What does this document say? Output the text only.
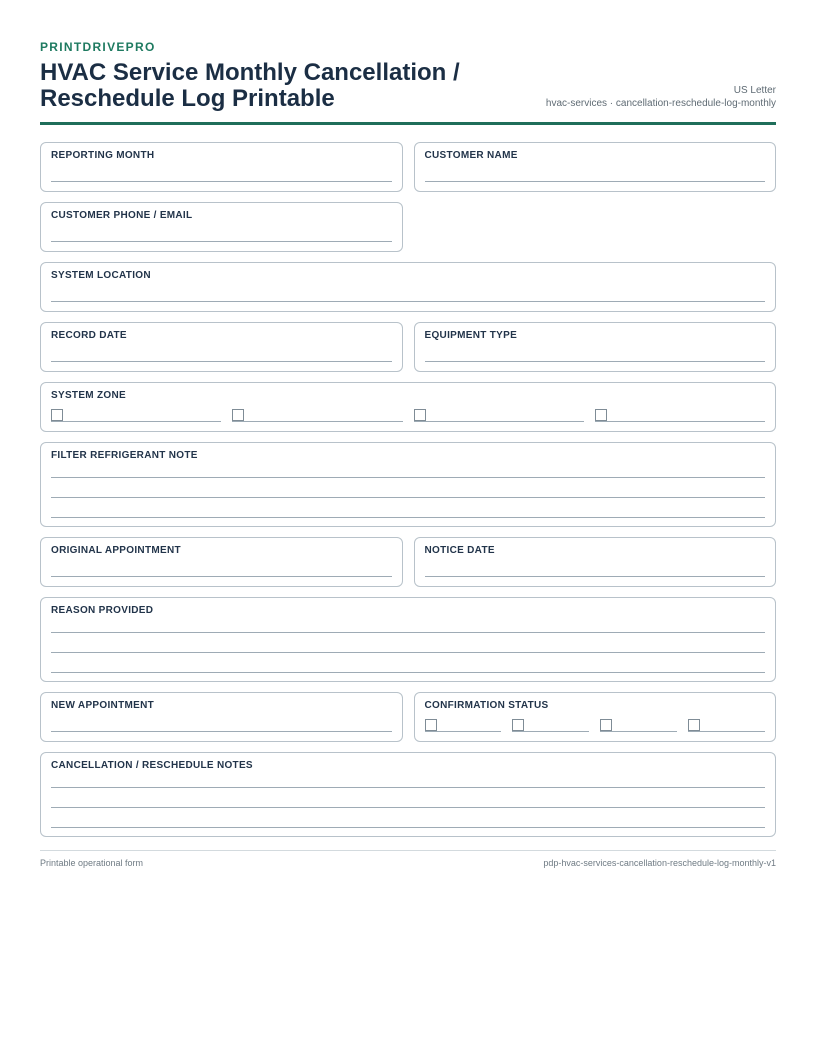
PRINTDRIVEPRO
HVAC Service Monthly Cancellation / Reschedule Log Printable	US Letter
hvac-services · cancellation-reschedule-log-monthly
REPORTING MONTH	CUSTOMER NAME
CUSTOMER PHONE / EMAIL
SYSTEM LOCATION
RECORD DATE	EQUIPMENT TYPE
SYSTEM ZONE
FILTER REFRIGERANT NOTE
ORIGINAL APPOINTMENT	NOTICE DATE
REASON PROVIDED
NEW APPOINTMENT	CONFIRMATION STATUS
CANCELLATION / RESCHEDULE NOTES
Printable operational form	pdp-hvac-services-cancellation-reschedule-log-monthly-v1
